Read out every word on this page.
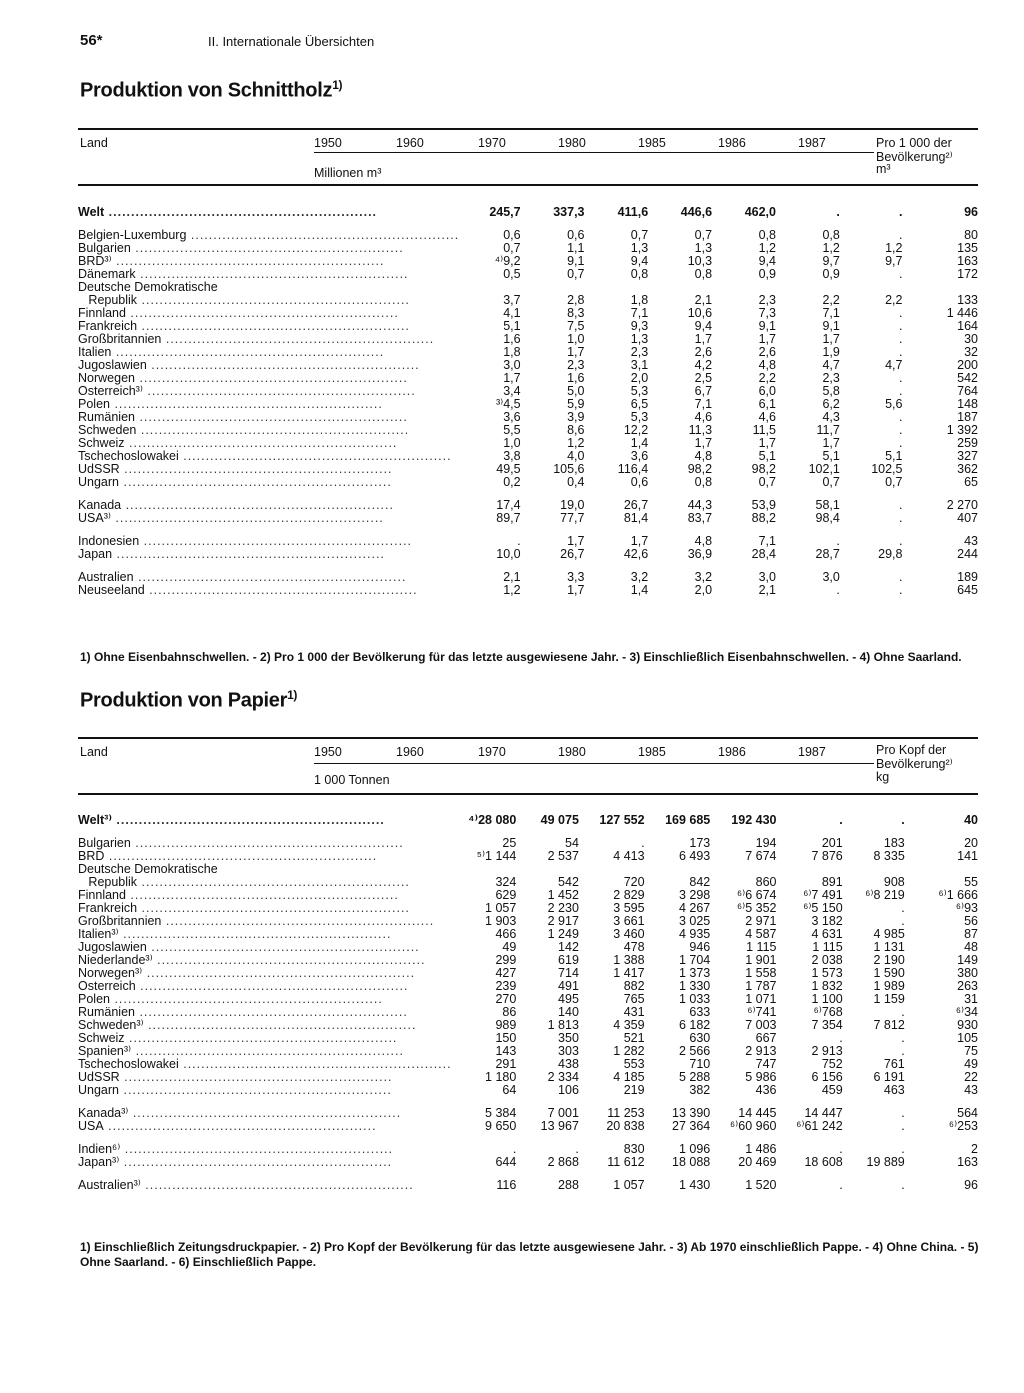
56*	II. Internationale Übersichten
Produktion von Schnittholz$^{1)}$
Land	1950	1960	1970	1980	1985	1986	1987	Pro 1 000 der
Bevölkerung²⁾
Millionen m³	m³
Welt ............................................................	245,7	337,3	411,6	446,6	462,0	.	.	96

Belgien-Luxemburg ............................................................	0,6	0,6	0,7	0,7	0,8	0,8	.	80
Bulgarien ............................................................	0,7	1,1	1,3	1,3	1,2	1,2	1,2	135
BRD³⁾ ............................................................	⁴⁾9,2	9,1	9,4	10,3	9,4	9,7	9,7	163
Dänemark ............................................................	0,5	0,7	0,8	0,8	0,9	0,9	.	172
Deutsche Demokratische								
Republik ............................................................	3,7	2,8	1,8	2,1	2,3	2,2	2,2	133
Finnland ............................................................	4,1	8,3	7,1	10,6	7,3	7,1	.	1 446
Frankreich ............................................................	5,1	7,5	9,3	9,4	9,1	9,1	.	164
Großbritannien ............................................................	1,6	1,0	1,3	1,7	1,7	1,7	.	30
Italien ............................................................	1,8	1,7	2,3	2,6	2,6	1,9	.	32
Jugoslawien ............................................................	3,0	2,3	3,1	4,2	4,8	4,7	4,7	200
Norwegen ............................................................	1,7	1,6	2,0	2,5	2,2	2,3	.	542
Österreich³⁾ ............................................................	3,4	5,0	5,3	6,7	6,0	5,8	.	764
Polen ............................................................	³⁾4,5	5,9	6,5	7,1	6,1	6,2	5,6	148
Rumänien ............................................................	3,6	3,9	5,3	4,6	4,6	4,3	.	187
Schweden ............................................................	5,5	8,6	12,2	11,3	11,5	11,7	.	1 392
Schweiz ............................................................	1,0	1,2	1,4	1,7	1,7	1,7	.	259
Tschechoslowakei ............................................................	3,8	4,0	3,6	4,8	5,1	5,1	5,1	327
UdSSR ............................................................	49,5	105,6	116,4	98,2	98,2	102,1	102,5	362
Ungarn ............................................................	0,2	0,4	0,6	0,8	0,7	0,7	0,7	65

Kanada ............................................................	17,4	19,0	26,7	44,3	53,9	58,1	.	2 270
USA³⁾ ............................................................	89,7	77,7	81,4	83,7	88,2	98,4	.	407

Indonesien ............................................................	.	1,7	1,7	4,8	7,1	.	.	43
Japan ............................................................	10,0	26,7	42,6	36,9	28,4	28,7	29,8	244

Australien ............................................................	2,1	3,3	3,2	3,2	3,0	3,0	.	189
Neuseeland ............................................................	1,2	1,7	1,4	2,0	2,1	.	.	645
1) Ohne Eisenbahnschwellen. - 2) Pro 1 000 der Bevölkerung für das letzte ausgewiesene Jahr. - 3) Einschließlich Eisenbahnschwellen. - 4) Ohne Saarland.
Produktion von Papier$^{1)}$
Land	1950	1960	1970	1980	1985	1986	1987	Pro Kopf der
Bevölkerung²⁾
1 000 Tonnen	kg
Welt³⁾ ............................................................	⁴⁾28 080	49 075	127 552	169 685	192 430	.	.	40

Bulgarien ............................................................	25	54	.	173	194	201	183	20
BRD ............................................................	⁵⁾1 144	2 537	4 413	6 493	7 674	7 876	8 335	141
Deutsche Demokratische								
Republik ............................................................	324	542	720	842	860	891	908	55
Finnland ............................................................	629	1 452	2 829	3 298	⁶⁾6 674	⁶⁾7 491	⁶⁾8 219	⁶⁾1 666
Frankreich ............................................................	1 057	2 230	3 595	4 267	⁶⁾5 352	⁶⁾5 150	.	⁶⁾93
Großbritannien ............................................................	1 903	2 917	3 661	3 025	2 971	3 182	.	56
Italien³⁾ ............................................................	466	1 249	3 460	4 935	4 587	4 631	4 985	87
Jugoslawien ............................................................	49	142	478	946	1 115	1 115	1 131	48
Niederlande³⁾ ............................................................	299	619	1 388	1 704	1 901	2 038	2 190	149
Norwegen³⁾ ............................................................	427	714	1 417	1 373	1 558	1 573	1 590	380
Österreich ............................................................	239	491	882	1 330	1 787	1 832	1 989	263
Polen ............................................................	270	495	765	1 033	1 071	1 100	1 159	31
Rumänien ............................................................	86	140	431	633	⁶⁾741	⁶⁾768	.	⁶⁾34
Schweden³⁾ ............................................................	989	1 813	4 359	6 182	7 003	7 354	7 812	930
Schweiz ............................................................	150	350	521	630	667	.	.	105
Spanien³⁾ ............................................................	143	303	1 282	2 566	2 913	2 913	.	75
Tschechoslowakei ............................................................	291	438	553	710	747	752	761	49
UdSSR ............................................................	1 180	2 334	4 185	5 288	5 986	6 156	6 191	22
Ungarn ............................................................	64	106	219	382	436	459	463	43

Kanada³⁾ ............................................................	5 384	7 001	11 253	13 390	14 445	14 447	.	564
USA ............................................................	9 650	13 967	20 838	27 364	⁶⁾60 960	⁶⁾61 242	.	⁶⁾253

Indien⁶⁾ ............................................................	.	.	830	1 096	1 486	.	.	2
Japan³⁾ ............................................................	644	2 868	11 612	18 088	20 469	18 608	19 889	163

Australien³⁾ ............................................................	116	288	1 057	1 430	1 520	.	.	96
1) Einschließlich Zeitungsdruckpapier. - 2) Pro Kopf der Bevölkerung für das letzte ausgewiesene Jahr. - 3) Ab 1970 einschließlich Pappe. - 4) Ohne China. - 5) Ohne Saarland. - 6) Einschließlich Pappe.
